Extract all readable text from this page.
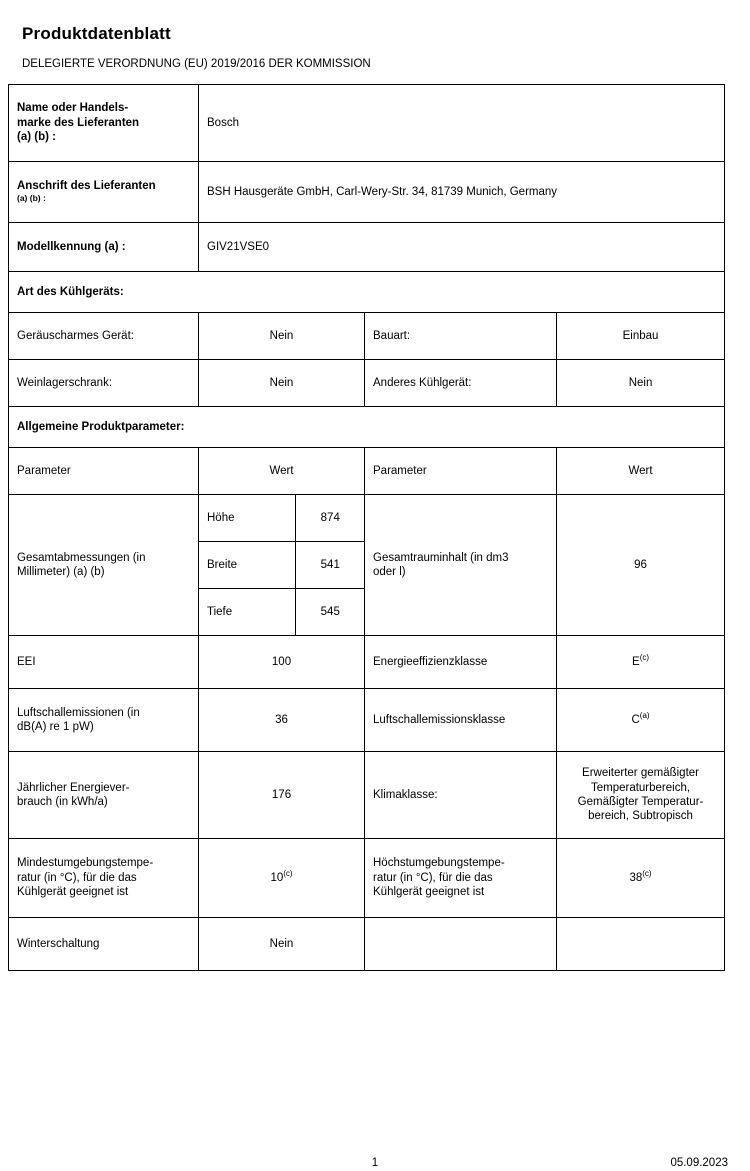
Produktdatenblatt
DELEGIERTE VERORDNUNG (EU) 2019/2016 DER KOMMISSION
Name oder Handels-
marke des Lieferanten
(a) (b) :	Bosch
Anschrift des Lieferanten
(a) (b) :	BSH Hausgeräte GmbH, Carl-Wery-Str. 34, 81739 Munich, Germany
Modellkennung (a) :	GIV21VSE0
Art des Kühlgeräts:
Geräuscharmes Gerät:	Nein	Bauart:	Einbau
Weinlagerschrank:	Nein	Anderes Kühlgerät:	Nein
Allgemeine Produktparameter:
Parameter	Wert	Parameter	Wert
Gesamtabmessungen (in
Millimeter) (a) (b)	
Höhe	874
Breite	541
Tiefe	545
	Gesamtrauminhalt (in dm3
oder l)	96
EEI	100	Energieeffizienzklasse	$E^{(c)}$
Luftschallemissionen (in
dB(A) re 1 pW)	36	Luftschallemissionsklasse	$C^{(a)}$
Jährlicher Energiever-
brauch (in kWh/a)	176	Klimaklasse:	Erweiterter gemäßigter
Temperaturbereich,
Gemäßigter Temperatur-
bereich, Subtropisch
Mindestumgebungstempe-
ratur (in °C), für die das
Kühlgerät geeignet ist	10$^{(c)}$	Höchstumgebungstempe-
ratur (in °C), für die das
Kühlgerät geeignet ist	38$^{(c)}$
Winterschaltung	Nein		
1	05.09.2023
